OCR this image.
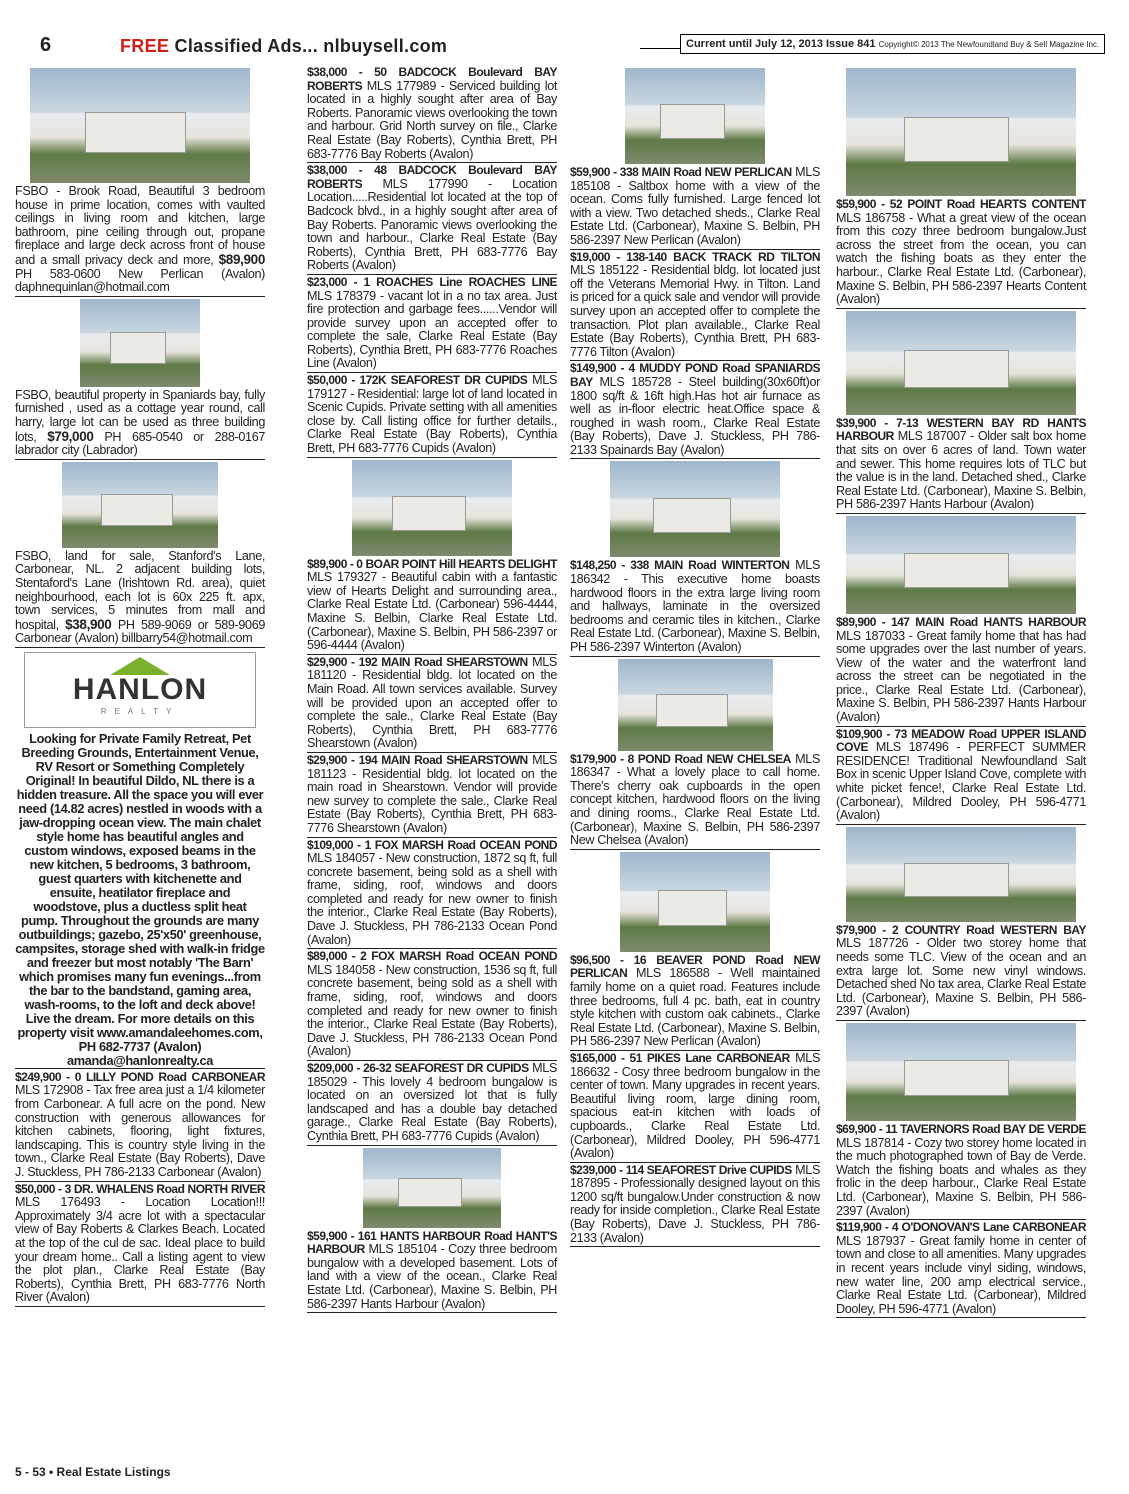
6	FREE Classified Ads... nlbuysell.com	Current until July 12, 2013 Issue 841 Copyright© 2013 The Newfoundland Buy & Sell Magazine Inc.
FSBO - Brook Road, Beautiful 3 bedroom house in prime location, comes with vaulted ceilings in living room and kitchen, large bathroom, pine ceiling through out, propane fireplace and large deck across front of house and a small privacy deck and more, $89,900 PH 583-0600 New Perlican (Avalon) daphnequinlan@hotmail.com
FSBO, beautiful property in Spaniards bay, fully furnished , used as a cottage year round, call harry, large lot can be used as three building lots, $79,000 PH 685-0540 or 288-0167 labrador city (Labrador)
FSBO, land for sale, Stanford's Lane, Carbonear, NL. 2 adjacent building lots, Stentaford's Lane (Irishtown Rd. area), quiet neighbourhood, each lot is 60x 225 ft. apx, town services, 5 minutes from mall and hospital, $38,900 PH 589-9069 or 589-9069 Carbonear (Avalon) billbarry54@hotmail.com
HANLON
REALTY
Looking for Private Family Retreat, Pet Breeding Grounds, Entertainment Venue, RV Resort or Something Completely Original! In beautiful Dildo, NL there is a hidden treasure. All the space you will ever need (14.82 acres) nestled in woods with a jaw-dropping ocean view. The main chalet style home has beautiful angles and custom windows, exposed beams in the new kitchen, 5 bedrooms, 3 bathroom, guest quarters with kitchenette and ensuite, heatilator fireplace and woodstove, plus a ductless split heat pump. Throughout the grounds are many outbuildings; gazebo, 25'x50' greenhouse, campsites, storage shed with walk-in fridge and freezer but most notably 'The Barn' which promises many fun evenings...from the bar to the bandstand, gaming area, wash-rooms, to the loft and deck above! Live the dream. For more details on this property visit www.amandaleehomes.com, PH 682-7737 (Avalon) amanda@hanlonrealty.ca
$249,900 - 0 LILLY POND Road CARBONEAR MLS 172908 - Tax free area just a 1/4 kilometer from Carbonear. A full acre on the pond. New construction with generous allowances for kitchen cabinets, flooring, light fixtures, landscaping. This is country style living in the town., Clarke Real Estate (Bay Roberts), Dave J. Stuckless, PH 786-2133 Carbonear (Avalon)
$50,000 - 3 DR. WHALENS Road NORTH RIVER MLS 176493 - Location Location!!! Approximately 3/4 acre lot with a spectacular view of Bay Roberts & Clarkes Beach. Located at the top of the cul de sac. Ideal place to build your dream home.. Call a listing agent to view the plot plan., Clarke Real Estate (Bay Roberts), Cynthia Brett, PH 683-7776 North River (Avalon)
$38,000 - 50 BADCOCK Boulevard BAY ROBERTS MLS 177989 - Serviced building lot located in a highly sought after area of Bay Roberts. Panoramic views overlooking the town and harbour. Grid North survey on file., Clarke Real Estate (Bay Roberts), Cynthia Brett, PH 683-7776 Bay Roberts (Avalon)
$38,000 - 48 BADCOCK Boulevard BAY ROBERTS MLS 177990 - Location Location.....Residential lot located at the top of Badcock blvd., in a highly sought after area of Bay Roberts. Panoramic views overlooking the town and harbour., Clarke Real Estate (Bay Roberts), Cynthia Brett, PH 683-7776 Bay Roberts (Avalon)
$23,000 - 1 ROACHES Line ROACHES LINE MLS 178379 - vacant lot in a no tax area. Just fire protection and garbage fees......Vendor will provide survey upon an accepted offer to complete the sale, Clarke Real Estate (Bay Roberts), Cynthia Brett, PH 683-7776 Roaches Line (Avalon)
$50,000 - 172K SEAFOREST DR CUPIDS MLS 179127 - Residential: large lot of land located in Scenic Cupids. Private setting with all amenities close by. Call listing office for further details., Clarke Real Estate (Bay Roberts), Cynthia Brett, PH 683-7776 Cupids (Avalon)
$89,900 - 0 BOAR POINT Hill HEARTS DELIGHT MLS 179327 - Beautiful cabin with a fantastic view of Hearts Delight and surrounding area., Clarke Real Estate Ltd. (Carbonear) 596-4444, Maxine S. Belbin, Clarke Real Estate Ltd. (Carbonear), Maxine S. Belbin, PH 586-2397 or 596-4444 (Avalon)
$29,900 - 192 MAIN Road SHEARSTOWN MLS 181120 - Residential bldg. lot located on the Main Road. All town services available. Survey will be provided upon an accepted offer to complete the sale., Clarke Real Estate (Bay Roberts), Cynthia Brett, PH 683-7776 Shearstown (Avalon)
$29,900 - 194 MAIN Road SHEARSTOWN MLS 181123 - Residential bldg. lot located on the main road in Shearstown. Vendor will provide new survey to complete the sale., Clarke Real Estate (Bay Roberts), Cynthia Brett, PH 683-7776 Shearstown (Avalon)
$109,000 - 1 FOX MARSH Road OCEAN POND MLS 184057 - New construction, 1872 sq ft, full concrete basement, being sold as a shell with frame, siding, roof, windows and doors completed and ready for new owner to finish the interior., Clarke Real Estate (Bay Roberts), Dave J. Stuckless, PH 786-2133 Ocean Pond (Avalon)
$89,000 - 2 FOX MARSH Road OCEAN POND MLS 184058 - New construction, 1536 sq ft, full concrete basement, being sold as a shell with frame, siding, roof, windows and doors completed and ready for new owner to finish the interior., Clarke Real Estate (Bay Roberts), Dave J. Stuckless, PH 786-2133 Ocean Pond (Avalon)
$209,000 - 26-32 SEAFOREST DR CUPIDS MLS 185029 - This lovely 4 bedroom bungalow is located on an oversized lot that is fully landscaped and has a double bay detached garage., Clarke Real Estate (Bay Roberts), Cynthia Brett, PH 683-7776 Cupids (Avalon)
$59,900 - 161 HANTS HARBOUR Road HANT'S HARBOUR MLS 185104 - Cozy three bedroom bungalow with a developed basement. Lots of land with a view of the ocean., Clarke Real Estate Ltd. (Carbonear), Maxine S. Belbin, PH 586-2397 Hants Harbour (Avalon)
$59,900 - 338 MAIN Road NEW PERLICAN MLS 185108 - Saltbox home with a view of the ocean. Coms fully furnished. Large fenced lot with a view. Two detached sheds., Clarke Real Estate Ltd. (Carbonear), Maxine S. Belbin, PH 586-2397 New Perlican (Avalon)
$19,000 - 138-140 BACK TRACK RD TILTON MLS 185122 - Residential bldg. lot located just off the Veterans Memorial Hwy. in Tilton. Land is priced for a quick sale and vendor will provide survey upon an accepted offer to complete the transaction. Plot plan available., Clarke Real Estate (Bay Roberts), Cynthia Brett, PH 683-7776 Tilton (Avalon)
$149,900 - 4 MUDDY POND Road SPANIARDS BAY MLS 185728 - Steel building(30x60ft)or 1800 sq/ft & 16ft high.Has hot air furnace as well as in-floor electric heat.Office space & roughed in wash room., Clarke Real Estate (Bay Roberts), Dave J. Stuckless, PH 786-2133 Spainards Bay (Avalon)
$148,250 - 338 MAIN Road WINTERTON MLS 186342 - This executive home boasts hardwood floors in the extra large living room and hallways, laminate in the oversized bedrooms and ceramic tiles in kitchen., Clarke Real Estate Ltd. (Carbonear), Maxine S. Belbin, PH 586-2397 Winterton (Avalon)
$179,900 - 8 POND Road NEW CHELSEA MLS 186347 - What a lovely place to call home. There's cherry oak cupboards in the open concept kitchen, hardwood floors on the living and dining rooms., Clarke Real Estate Ltd. (Carbonear), Maxine S. Belbin, PH 586-2397 New Chelsea (Avalon)
$96,500 - 16 BEAVER POND Road NEW PERLICAN MLS 186588 - Well maintained family home on a quiet road. Features include three bedrooms, full 4 pc. bath, eat in country style kitchen with custom oak cabinets., Clarke Real Estate Ltd. (Carbonear), Maxine S. Belbin, PH 586-2397 New Perlican (Avalon)
$165,000 - 51 PIKES Lane CARBONEAR MLS 186632 - Cosy three bedroom bungalow in the center of town. Many upgrades in recent years. Beautiful living room, large dining room, spacious eat-in kitchen with loads of cupboards., Clarke Real Estate Ltd. (Carbonear), Mildred Dooley, PH 596-4771 (Avalon)
$239,000 - 114 SEAFOREST Drive CUPIDS MLS 187895 - Professionally designed layout on this 1200 sq/ft bungalow.Under construction & now ready for inside completion., Clarke Real Estate (Bay Roberts), Dave J. Stuckless, PH 786-2133 (Avalon)
$59,900 - 52 POINT Road HEARTS CONTENT MLS 186758 - What a great view of the ocean from this cozy three bedroom bungalow.Just across the street from the ocean, you can watch the fishing boats as they enter the harbour., Clarke Real Estate Ltd. (Carbonear), Maxine S. Belbin, PH 586-2397 Hearts Content (Avalon)
$39,900 - 7-13 WESTERN BAY RD HANTS HARBOUR MLS 187007 - Older salt box home that sits on over 6 acres of land. Town water and sewer. This home requires lots of TLC but the value is in the land. Detached shed., Clarke Real Estate Ltd. (Carbonear), Maxine S. Belbin, PH 586-2397 Hants Harbour (Avalon)
$89,900 - 147 MAIN Road HANTS HARBOUR MLS 187033 - Great family home that has had some upgrades over the last number of years. View of the water and the waterfront land across the street can be negotiated in the price., Clarke Real Estate Ltd. (Carbonear), Maxine S. Belbin, PH 586-2397 Hants Harbour (Avalon)
$109,900 - 73 MEADOW Road UPPER ISLAND COVE MLS 187496 - PERFECT SUMMER RESIDENCE! Traditional Newfoundland Salt Box in scenic Upper Island Cove, complete with white picket fence!, Clarke Real Estate Ltd. (Carbonear), Mildred Dooley, PH 596-4771 (Avalon)
$79,900 - 2 COUNTRY Road WESTERN BAY MLS 187726 - Older two storey home that needs some TLC. View of the ocean and an extra large lot. Some new vinyl windows. Detached shed No tax area, Clarke Real Estate Ltd. (Carbonear), Maxine S. Belbin, PH 586-2397 (Avalon)
$69,900 - 11 TAVERNORS Road BAY DE VERDE MLS 187814 - Cozy two storey home located in the much photographed town of Bay de Verde. Watch the fishing boats and whales as they frolic in the deep harbour., Clarke Real Estate Ltd. (Carbonear), Maxine S. Belbin, PH 586-2397 (Avalon)
$119,900 - 4 O'DONOVAN'S Lane CARBONEAR MLS 187937 - Great family home in center of town and close to all amenities. Many upgrades in recent years include vinyl siding, windows, new water line, 200 amp electrical service., Clarke Real Estate Ltd. (Carbonear), Mildred Dooley, PH 596-4771 (Avalon)
5 - 53 • Real Estate Listings
